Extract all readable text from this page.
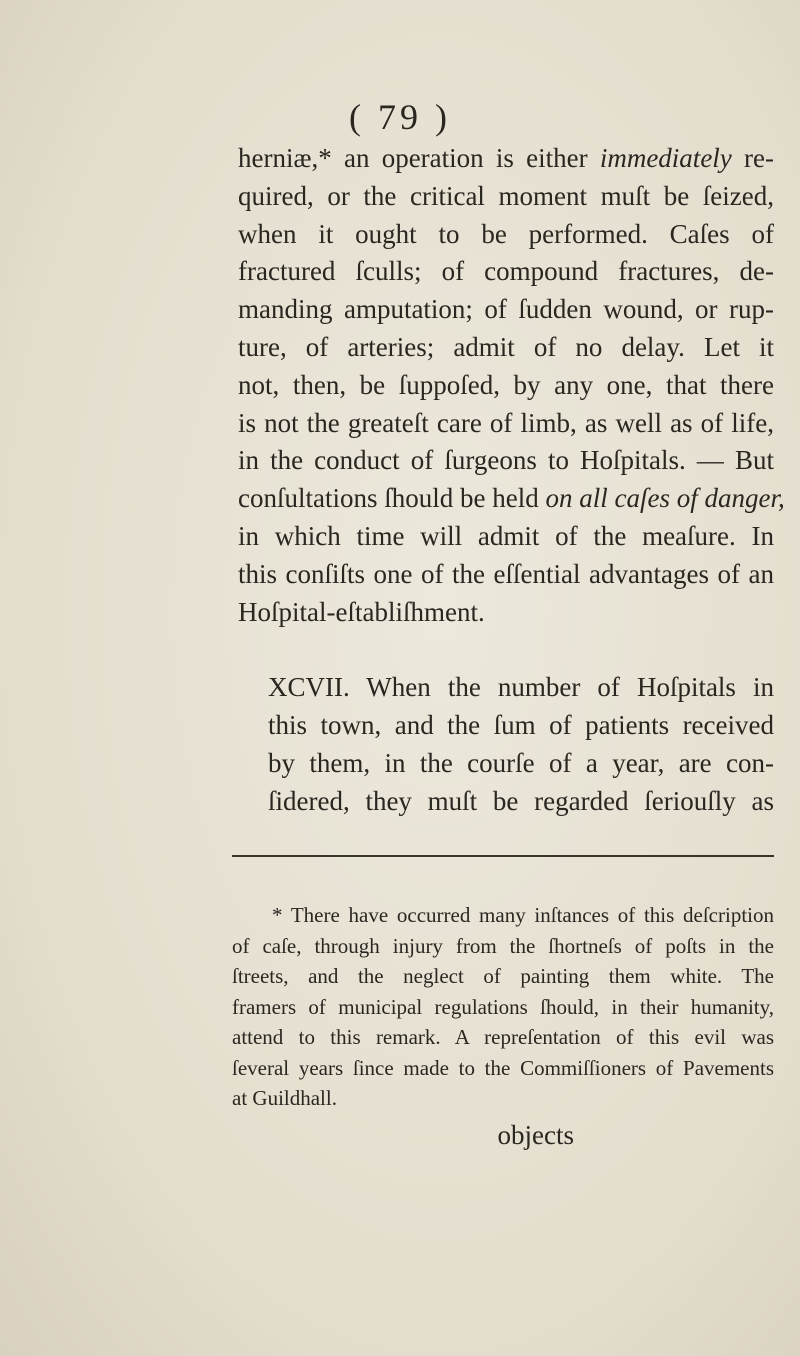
( 79 )

herniæ,* an operation is either immediately re-
quired, or the critical moment muſt be ſeized,
when it ought to be performed. Caſes of
fractured ſculls; of compound fractures, de-
manding amputation; of ſudden wound, or rup-
ture, of arteries; admit of no delay. Let it
not, then, be ſuppoſed, by any one, that there
is not the greateſt care of limb, as well as of life,
in the conduct of ſurgeons to Hoſpitals. — But
conſultations ſhould be held on all caſes of danger,
in which time will admit of the meaſure. In
this conſiſts one of the eſſential advantages of an
Hoſpital-eſtabliſhment.

XCVII. When the number of Hoſpitals in
this town, and the ſum of patients received
by them, in the courſe of a year, are con-
ſidered, they muſt be regarded ſeriouſly as

* There have occurred many inſtances of this deſcription
of caſe, through injury from the ſhortneſs of poſts in the
ſtreets, and the neglect of painting them white. The
framers of municipal regulations ſhould, in their humanity,
attend to this remark. A repreſentation of this evil was
ſeveral years ſince made to the Commiſſioners of Pavements
at Guildhall.
objects
